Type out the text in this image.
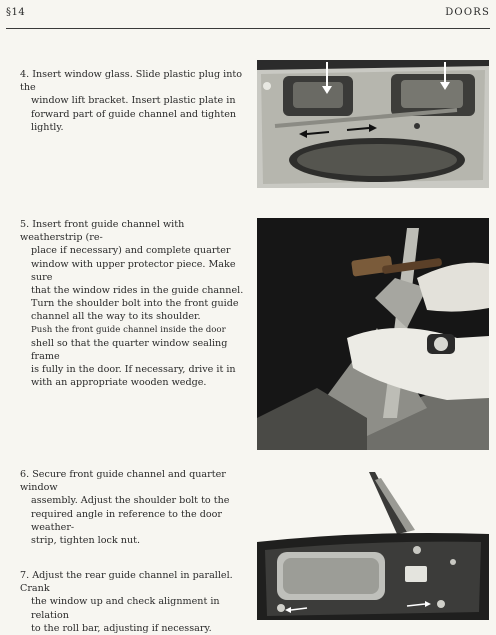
§14	DOORS
4. Insert window glass. Slide plastic plug into the
window lift bracket. Insert plastic plate in
forward part of guide channel and tighten lightly.
5. Insert front guide channel with weatherstrip (re-
place if necessary) and complete quarter
window with upper protector piece. Make sure
that the window rides in the guide channel.
Turn the shoulder bolt into the front guide
channel all the way to its shoulder.
Push the front guide channel inside the door
shell so that the quarter window sealing frame
is fully in the door. If necessary, drive it in
with an appropriate wooden wedge.
6. Secure front guide channel and quarter window
assembly. Adjust the shoulder bolt to the
required angle in reference to the door weather-
strip, tighten lock nut.
7. Adjust the rear guide channel in parallel. Crank
the window up and check alignment in relation
to the roll bar, adjusting if necessary.
